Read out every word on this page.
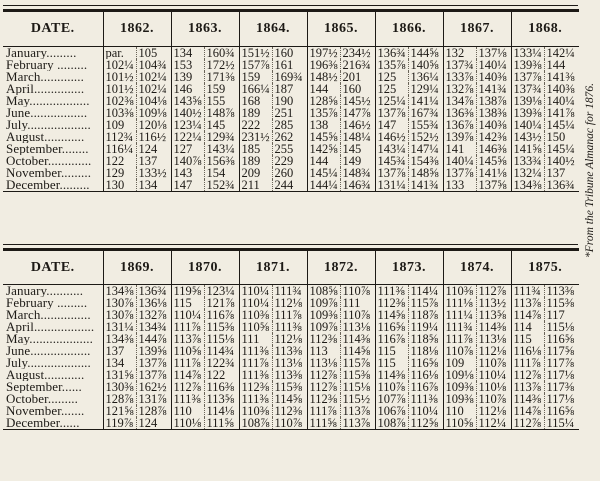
DATE.	1862.		1863.		1864.		1865.		1866.		1867.		1868.	
January.........	par.	105	134	160¾	151½	160	197½	234½	136¾	144⅝	132	137⅛	133¼	142¼
February .........	102¼	104¾	153	172½	157⅞	161	196⅜	216¾	135⅞	140⅝	137¾	140¼	139⅜	144
March.............	101½	102¼	139	171⅜	159	169¾	148½	201	125	136¼	133⅞	140⅜	137⅞	141⅜
April...............	101½	102¼	146	159	166¼	187	144	160	125	129¼	132⅞	141¾	137¾	140⅜
May..................	102⅜	104⅛	143⅝	155	168	190	128⅝	145½	125¼	141¼	134⅞	138⅞	139⅛	140¼
June.................	103⅜	109⅛	140½	148⅞	189	251	135⅞	147⅞	137⅞	167¾	136⅜	138⅜	139⅜	141⅞
July...................	109	120⅛	123¼	145	222	285	138	146½	147	155¾	136⅞	140⅜	140¼	145¼
August............	112¾	116½	122¼	129¾	231½	262	145⅝	148¼	146½	152½	139⅞	142⅜	143½	150
September........	116¼	124	127	143¼	185	255	142⅝	145	143¼	147¼	141	146⅜	141⅝	145¼
October.............	122	137	140⅞	156⅜	189	229	144	149	145¾	154⅜	140¼	145⅝	133¾	140½
November.........	129	133½	143	154	209	260	145¼	148¾	137⅞	148⅝	137⅞	141⅛	132¼	137
December.........	130	134	147	152¾	211	244	144¼	146¾	131¼	141¾	133	137⅝	134⅜	136¾
DATE.	1869.		1870.		1871.		1872.		1873.		1874.		1875.	
January...........	134⅜	136¾	119⅝	123¼	110¼	111¾	108⅝	110⅞	111⅜	114¼	110⅜	112⅞	111¾	113⅜
February .........	130⅞	136⅛	115	121⅞	110¼	112⅛	109⅞	111	112⅜	115⅞	111⅛	113½	113⅞	115⅜
March...............	130⅞	132⅞	110¼	116⅞	110⅜	111⅞	109⅜	110⅞	114⅝	118⅞	111¼	113⅝	114⅞	117
April..................	131¼	134¾	111⅞	115⅜	110⅝	111⅜	109⅞	113⅛	116⅝	119¼	111¾	114⅜	114	115⅛
May...................	134⅜	144⅞	113⅞	115⅛	111	112⅛	112⅜	114⅜	116⅞	118⅝	111⅞	113⅛	115	116⅝
June..................	137	139⅝	110⅝	114¾	111⅜	113⅜	113	114⅝	115	118⅛	110⅞	112⅛	116⅛	117⅝
July...................	134	137⅞	111⅞	122¾	111⅞	113⅛	113⅛	115⅞	115	116⅝	109	110⅞	111⅞	117⅞
August............	131⅝	137⅞	114⅞	122	111⅜	113⅜	112⅞	115⅜	114⅜	116⅛	109⅛	110¼	112⅞	117⅛
September......	130⅜	162½	112⅞	116⅜	112⅜	115⅜	112⅞	115⅛	110⅞	116⅞	109⅜	110⅛	113⅞	117⅜
October.........	128⅞	131⅞	111⅜	113⅝	111⅜	114⅝	112⅜	115½	107⅞	111⅜	109⅜	110⅞	114⅜	117⅛
November.......	121⅝	128⅞	110	114⅛	110⅜	112⅜	111⅞	113⅞	106⅞	110¼	110	112⅛	114⅞	116⅝
December......	119⅞	124	110⅛	111⅝	108⅞	110⅞	111⅝	113⅞	108⅞	112⅝	110⅝	112¼	112⅞	115¼
*From the Tribune Almanac for 1876.
